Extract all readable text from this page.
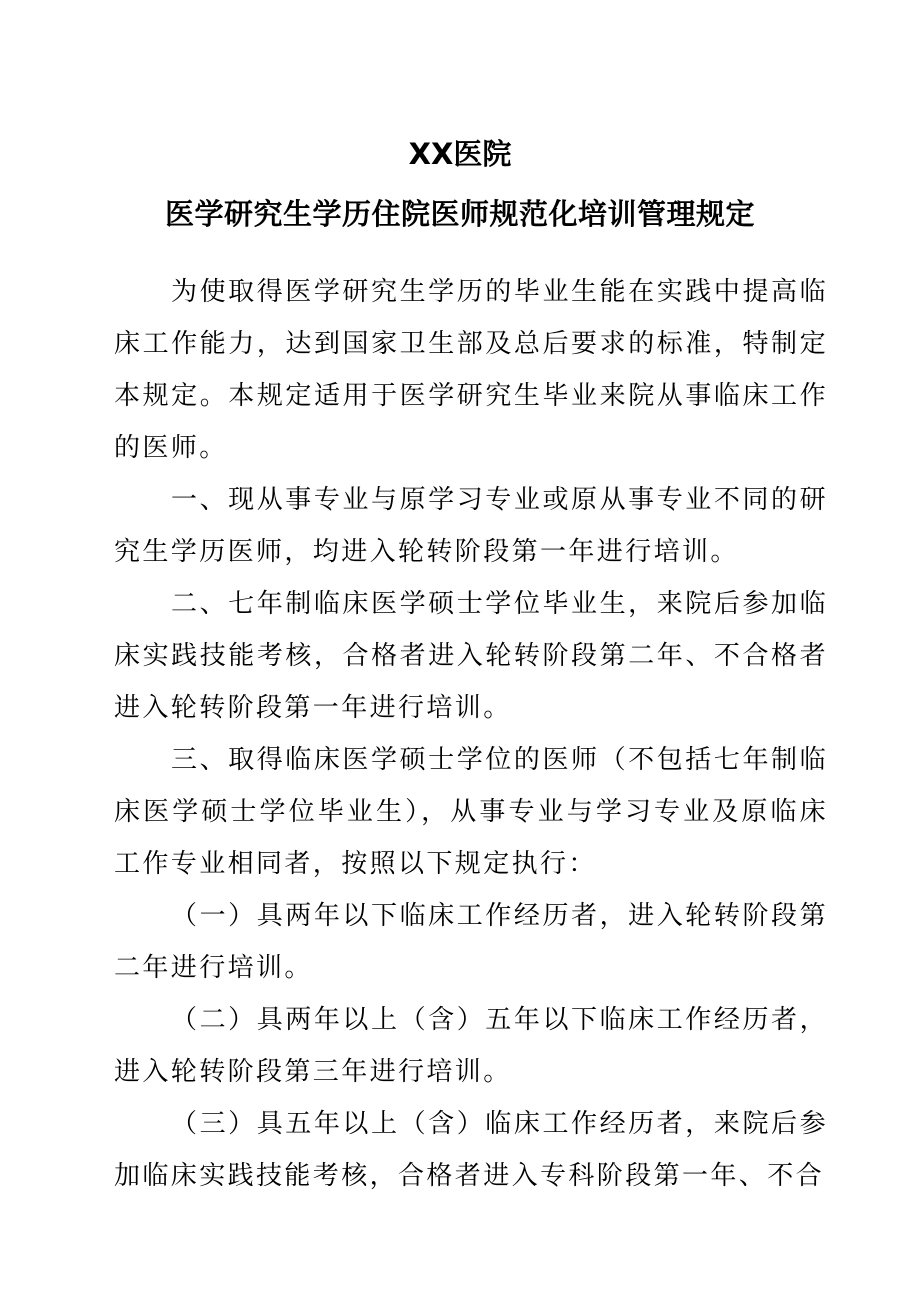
XX医院
医学研究生学历住院医师规范化培训管理规定

为使取得医学研究生学历的毕业生能在实践中提高临床工作能力，达到国家卫生部及总后要求的标准，特制定本规定。本规定适用于医学研究生毕业来院从事临床工作的医师。

一、现从事专业与原学习专业或原从事专业不同的研究生学历医师，均进入轮转阶段第一年进行培训。

二、七年制临床医学硕士学位毕业生，来院后参加临床实践技能考核，合格者进入轮转阶段第二年、不合格者进入轮转阶段第一年进行培训。

三、取得临床医学硕士学位的医师（不包括七年制临床医学硕士学位毕业生），从事专业与学习专业及原临床工作专业相同者，按照以下规定执行：

（一）具两年以下临床工作经历者，进入轮转阶段第二年进行培训。

（二）具两年以上（含）五年以下临床工作经历者，进入轮转阶段第三年进行培训。

（三）具五年以上（含）临床工作经历者，来院后参加临床实践技能考核，合格者进入专科阶段第一年、不合
